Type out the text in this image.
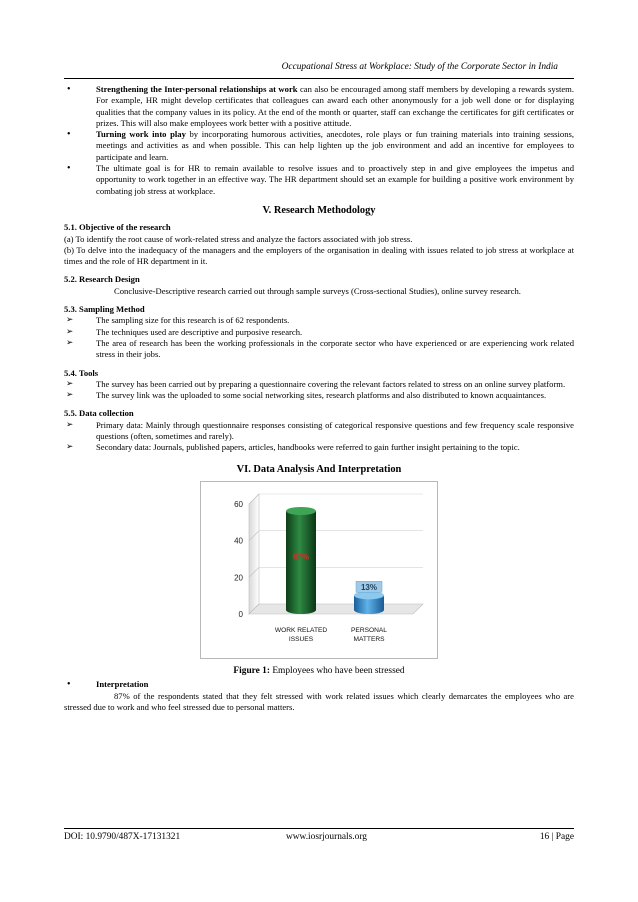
Occupational Stress at Workplace: Study of the Corporate Sector in India
• Strengthening the Inter-personal relationships at work can also be encouraged among staff members by developing a rewards system. For example, HR might develop certificates that colleagues can award each other anonymously for a job well done or for displaying qualities that the company values in its policy. At the end of the month or quarter, staff can exchange the certificates for gift certificates or prizes. This will also make employees work better with a positive attitude.
• Turning work into play by incorporating humorous activities, anecdotes, role plays or fun training materials into training sessions, meetings and activities as and when possible. This can help lighten up the job environment and add an incentive for employees to participate and learn.
• The ultimate goal is for HR to remain available to resolve issues and to proactively step in and give employees the impetus and opportunity to work together in an effective way. The HR department should set an example for building a positive work environment by combating job stress at workplace.
V. Research Methodology
5.1. Objective of the research
(a) To identify the root cause of work-related stress and analyze the factors associated with job stress.
(b) To delve into the inadequacy of the managers and the employers of the organisation in dealing with issues related to job stress at workplace at times and the role of HR department in it.
5.2. Research Design
Conclusive-Descriptive research carried out through sample surveys (Cross-sectional Studies), online survey research.
5.3. Sampling Method
➢ The sampling size for this research is of 62 respondents.
➢ The techniques used are descriptive and purposive research.
➢ The area of research has been the working professionals in the corporate sector who have experienced or are experiencing work related stress in their jobs.
5.4. Tools
➢ The survey has been carried out by preparing a questionnaire covering the relevant factors related to stress on an online survey platform.
➢ The survey link was the uploaded to some social networking sites, research platforms and also distributed to known acquaintances.
5.5. Data collection
➢ Primary data: Mainly through questionnaire responses consisting of categorical responsive questions and few frequency scale responsive questions (often, sometimes and rarely).
➢ Secondary data: Journals, published papers, articles, handbooks were referred to gain further insight pertaining to the topic.
VI. Data Analysis And Interpretation
0
20
40
60
87%
WORK RELATED
ISSUES
13%
PERSONAL
MATTERS
Figure 1: Employees who have been stressed
• Interpretation
87% of the respondents stated that they felt stressed with work related issues which clearly demarcates the employees who are stressed due to work and who feel stressed due to personal matters.
DOI: 10.9790/487X-17131321	www.iosrjournals.org	16 | Page
